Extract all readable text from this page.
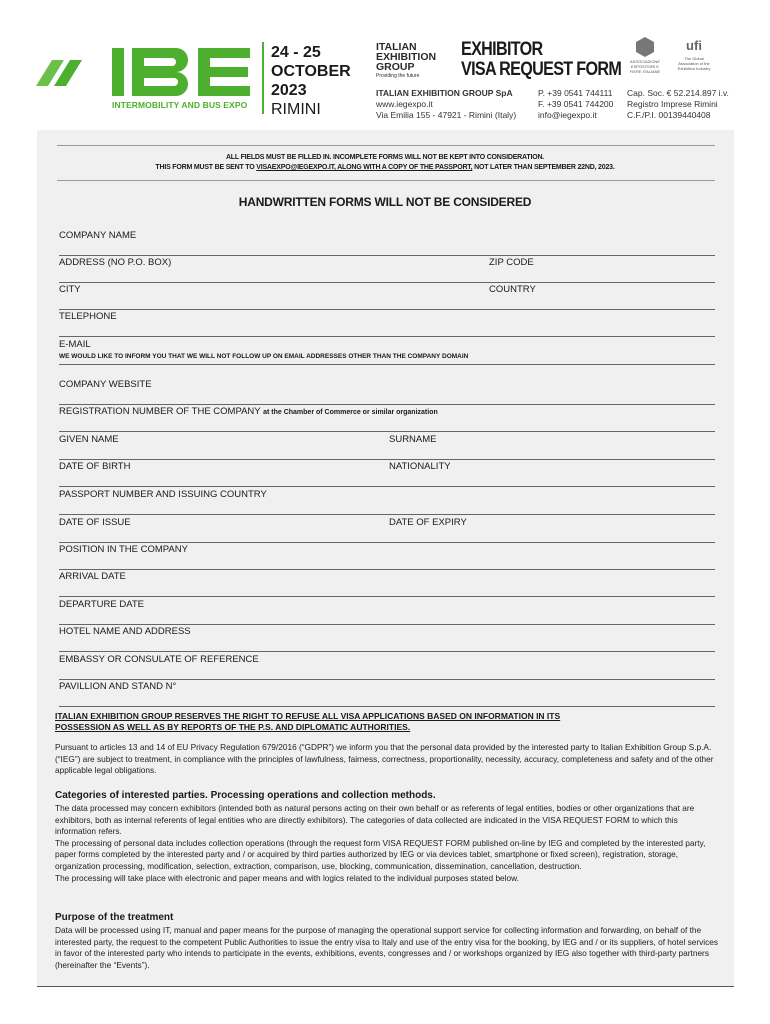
INTERMOBILITY AND BUS EXPO
24 - 25
OCTOBER
2023
RIMINI
ITALIAN
EXHIBITION
GROUP
Providing the future
EXHIBITOR
VISA REQUEST FORM
ITALIAN EXHIBITION GROUP SpA
www.iegexpo.it
Via Emilia 155 - 47921 - Rimini (Italy)
P. +39 0541 744111
F. +39 0541 744200
info@iegexpo.it
Cap. Soc. € 52.214.897 i.v.
Registro Imprese Rimini
C.F./P.I. 00139440408
ASSOCIAZIONE ESPOSITORI E FIERE ITALIANE
ufi
The Global Association of the Exhibition Industry
ALL FIELDS MUST BE FILLED IN. INCOMPLETE FORMS WILL NOT BE KEPT INTO CONSIDERATION.
THIS FORM MUST BE SENT TO VISAEXPO@IEGEXPO.IT, ALONG WITH A COPY OF THE PASSPORT, NOT LATER THAN SEPTEMBER 22ND, 2023.
HANDWRITTEN FORMS WILL NOT BE CONSIDERED
COMPANY NAME
ADDRESS (NO P.O. BOX)	ZIP CODE
CITY	COUNTRY
TELEPHONE
E-MAIL
WE WOULD LIKE TO INFORM YOU THAT WE WILL NOT FOLLOW UP ON EMAIL ADDRESSES OTHER THAN THE COMPANY DOMAIN
COMPANY WEBSITE
REGISTRATION NUMBER OF THE COMPANY at the Chamber of Commerce or similar organization
GIVEN NAME	SURNAME
DATE OF BIRTH	NATIONALITY
PASSPORT NUMBER AND ISSUING COUNTRY
DATE OF ISSUE	DATE OF EXPIRY
POSITION IN THE COMPANY
ARRIVAL DATE
DEPARTURE DATE
HOTEL NAME AND ADDRESS
EMBASSY OR CONSULATE OF REFERENCE
PAVILLION AND STAND N°
ITALIAN EXHIBITION GROUP RESERVES THE RIGHT TO REFUSE ALL VISA APPLICATIONS BASED ON INFORMATION IN ITS
POSSESSION AS WELL AS BY REPORTS OF THE P.S. AND DIPLOMATIC AUTHORITIES.
Pursuant to articles 13 and 14 of EU Privacy Regulation 679/2016 (“GDPR”) we inform you that the personal data provided by the interested party to Italian Exhibition Group S.p.A. (“IEG”) are subject to treatment, in compliance with the principles of lawfulness, fairness, correctness, proportionality, necessity, accuracy, completeness and safety and of the other applicable legal obligations.
Categories of interested parties. Processing operations and collection methods.
The data processed may concern exhibitors (intended both as natural persons acting on their own behalf or as referents of legal entities, bodies or other organizations that are exhibitors, both as internal referents of legal entities who are directly exhibitors). The categories of data collected are indicated in the VISA REQUEST FORM to which this information refers.
The processing of personal data includes collection operations (through the request form VISA REQUEST FORM published on-line by IEG and completed by the interested party, paper forms completed by the interested party and / or acquired by third parties authorized by IEG or via devices tablet, smartphone or fixed screen), registration, storage, organization processing, modification, selection, extraction, comparison, use, blocking, communication, dissemination, cancellation, destruction.
The processing will take place with electronic and paper means and with logics related to the individual purposes stated below.
Purpose of the treatment
Data will be processed using IT, manual and paper means for the purpose of managing the operational support service for collecting information and forwarding, on behalf of the interested party, the request to the competent Public Authorities to issue the entry visa to Italy and use of the entry visa for the booking, by IEG and / or its suppliers, of hotel services in favor of the interested party who intends to participate in the events, exhibitions, events, congresses and / or workshops organized by IEG also together with third-party partners (hereinafter the “Events”).
